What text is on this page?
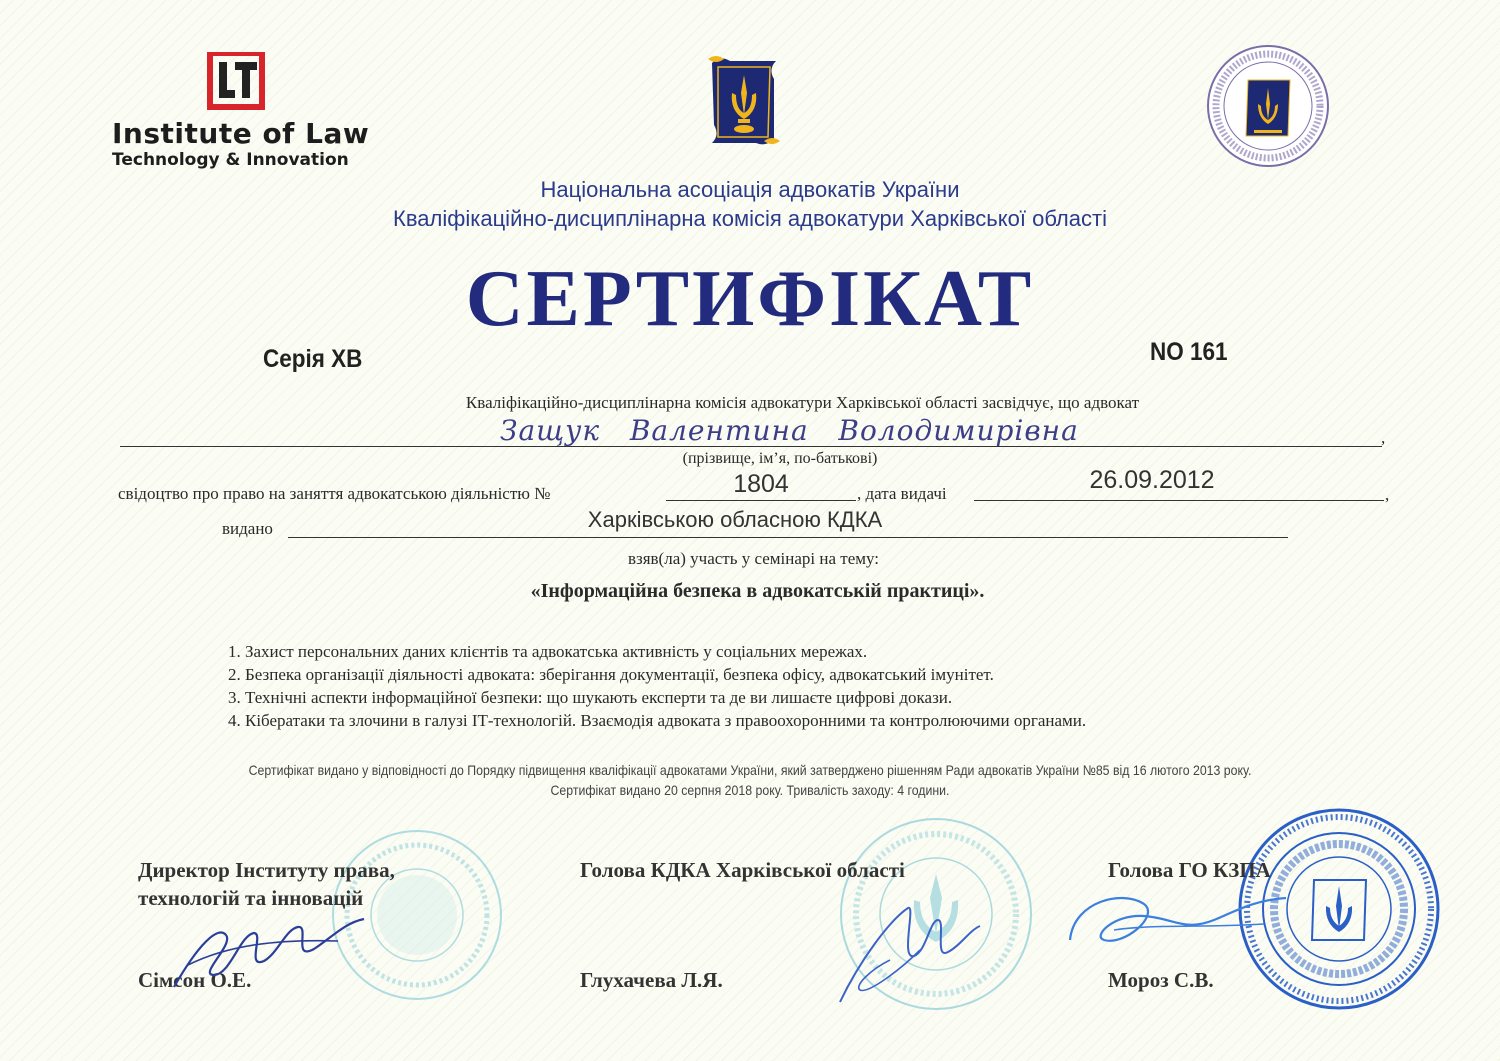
Institute of Law
Technology & Innovation
Національна асоціація адвокатів України
Кваліфікаційно-дисциплінарна комісія адвокатури Харківської області
СЕРТИФІКАТ
Серія ХВ	NO 161
Кваліфікаційно-дисциплінарна комісія адвокатури Харківської області засвідчує, що адвокат
Защук   Валентина   Володимирівна	,
(прізвище, ім’я, по-батькові)
свідоцтво про право на заняття адвокатською діяльністю №	1804	, дата видачі	26.09.2012
,
видано	Харківською обласною КДКА
взяв(ла) участь у семінарі на тему:
«Інформаційна безпека в адвокатській практиці».
1. Захист персональних даних клієнтів та адвокатська активність у соціальних мережах.
2. Безпека організації діяльності адвоката: зберігання документації, безпека офісу, адвокатський імунітет.
3. Технічні аспекти інформаційної безпеки: що шукають експерти та де ви лишаєте цифрові докази.
4. Кібератаки та злочини в галузі ІТ-технологій. Взаємодія адвоката з правоохоронними та контролюючими органами.
Сертифікат видано у відповідності до Порядку підвищення кваліфікації адвокатами України, який затверджено рішенням Ради адвокатів України №85 від 16 лютого 2013 року.
Сертифікат видано 20 серпня 2018 року. Тривалість заходу: 4 години.
Директор Інституту права,
технологій та інновацій
Сімсон О.Е.
Голова КДКА Харківської області
Глухачева Л.Я.
Голова ГО КЗПА
Мороз С.В.
